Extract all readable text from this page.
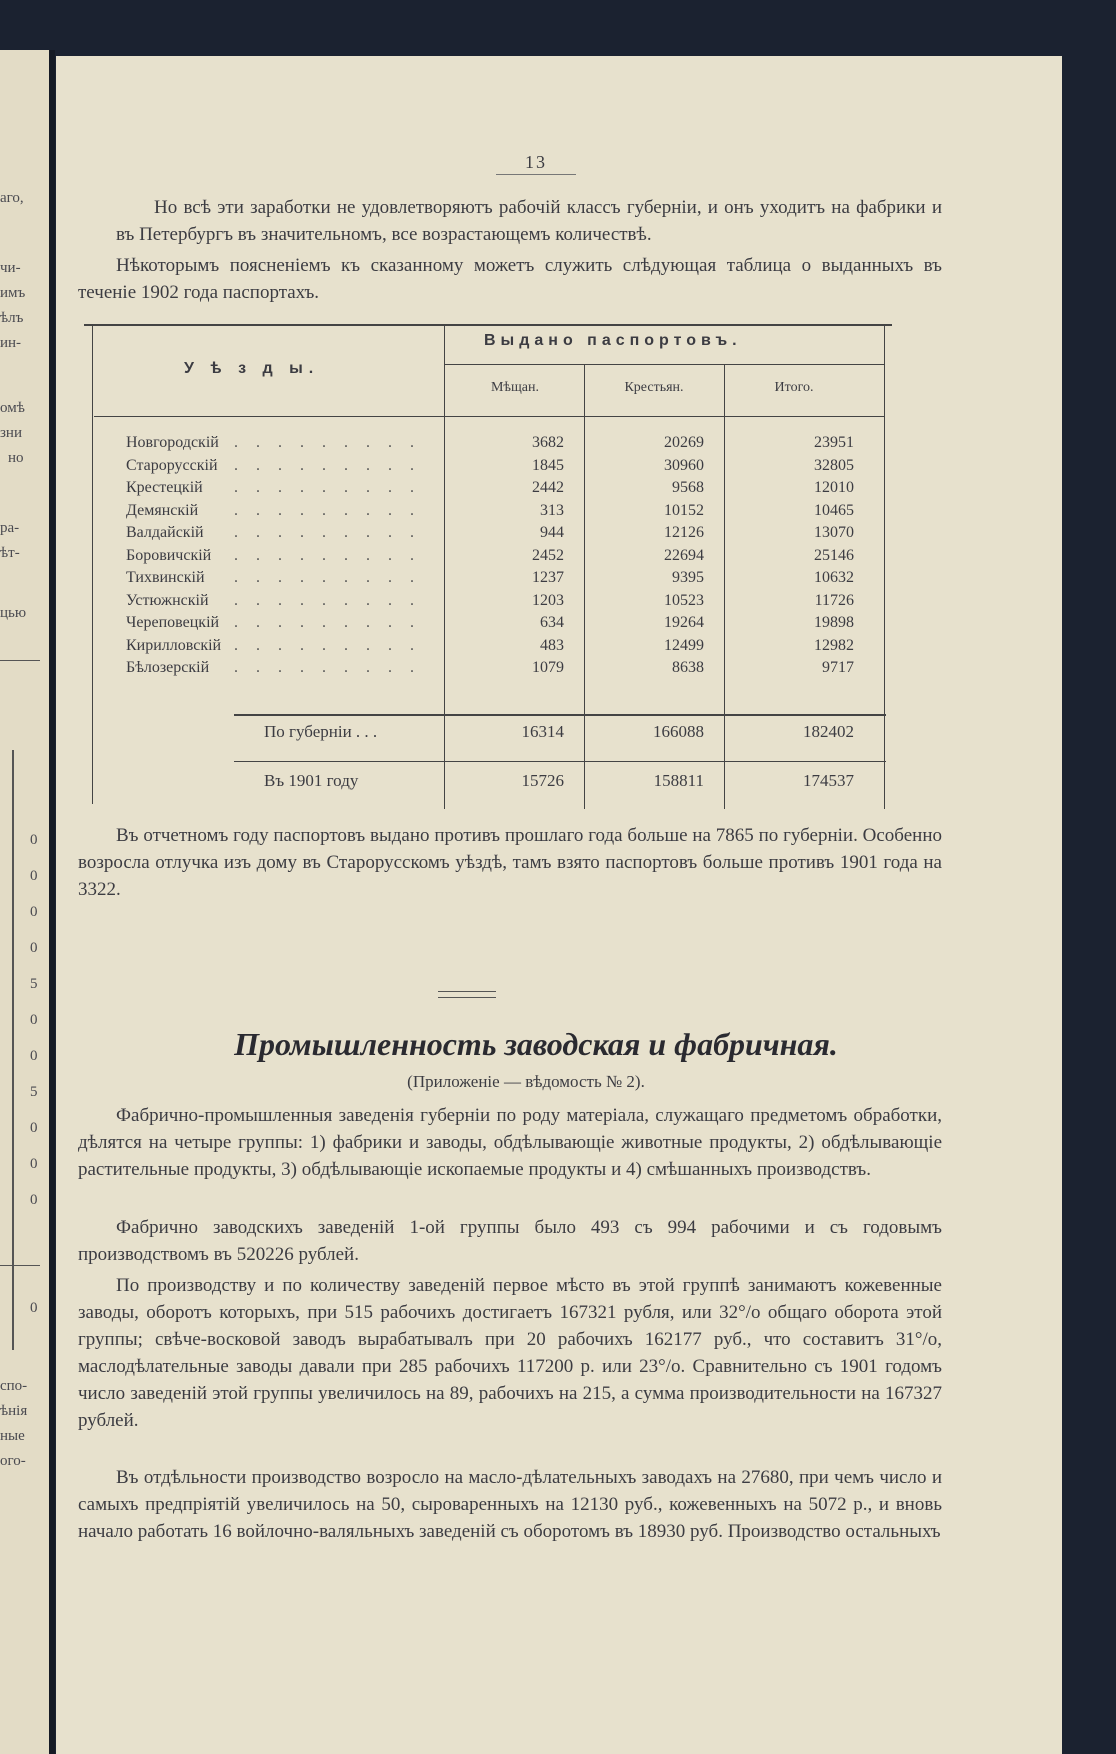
аго,
чи-
имъ
ѣлъ
ин-
омѣ
зни
но
ра-
ѣт-
цью
0
0
0
0
5
0
0
5
0
0
0
0
спо-
ѣнія
ные
ого-
13
Но всѣ эти заработки не удовлетворяютъ рабочій классъ губерніи, и онъ уходитъ на фабрики и въ Петербургъ въ значительномъ, все возрастающемъ количествѣ.
Нѣкоторымъ поясненіемъ къ сказанному можетъ служить слѣдующая таблица о выданныхъ въ теченіе 1902 года паспортахъ.
У ѣ з д ы.
Выдано паспортовъ.
Мѣщан.	Крестьян.	Итого.
Новгородскій . . . . . . . . .	3682	20269	23951
Старорусскій . . . . . . . . .	1845	30960	32805
Крестецкій . . . . . . . . .	2442	9568	12010
Демянскій . . . . . . . . .	313	10152	10465
Валдайскій . . . . . . . . .	944	12126	13070
Боровичскій . . . . . . . . .	2452	22694	25146
Тихвинскій . . . . . . . . .	1237	9395	10632
Устюжнскій . . . . . . . . .	1203	10523	11726
Череповецкій . . . . . . . . .	634	19264	19898
Кирилловскій . . . . . . . . .	483	12499	12982
Бѣлозерскій . . . . . . . . .	1079	8638	9717
По губерніи . . .	16314	166088	182402
Въ 1901 году	15726	158811	174537
Въ отчетномъ году паспортовъ выдано противъ прошлаго года больше на 7865 по губерніи. Особенно возросла отлучка изъ дому въ Старорусскомъ уѣздѣ, тамъ взято паспортовъ больше противъ 1901 года на 3322.
Промышленность заводская и фабричная.
(Приложеніе — вѣдомость № 2).
Фабрично-промышленныя заведенія губерніи по роду матеріала, служащаго предметомъ обработки, дѣлятся на четыре группы: 1) фабрики и заводы, обдѣлывающіе животные продукты, 2) обдѣлывающіе растительные продукты, 3) обдѣлывающіе ископаемые продукты и 4) смѣшанныхъ производствъ.
Фабрично заводскихъ заведеній 1-ой группы было 493 съ 994 рабочими и съ годовымъ производствомъ въ 520226 рублей.
По производству и по количеству заведеній первое мѣсто въ этой группѣ занимаютъ кожевенные заводы, оборотъ которыхъ, при 515 рабочихъ достигаетъ 167321 рубля, или 32°/о общаго оборота этой группы; свѣче-восковой заводъ вырабатывалъ при 20 рабочихъ 162177 руб., что составитъ 31°/о, маслодѣлательные заводы давали при 285 рабочихъ 117200 р. или 23°/о. Сравнительно съ 1901 годомъ число заведеній этой группы увеличилось на 89, рабочихъ на 215, а сумма производительности на 167327 рублей.
Въ отдѣльности производство возросло на масло-дѣлательныхъ заводахъ на 27680, при чемъ число и самыхъ предпріятій увеличилось на 50, сыроваренныхъ на 12130 руб., кожевенныхъ на 5072 р., и вновь начало работать 16 войлочно-валяльныхъ заведеній съ оборотомъ въ 18930 руб. Производство остальныхъ
